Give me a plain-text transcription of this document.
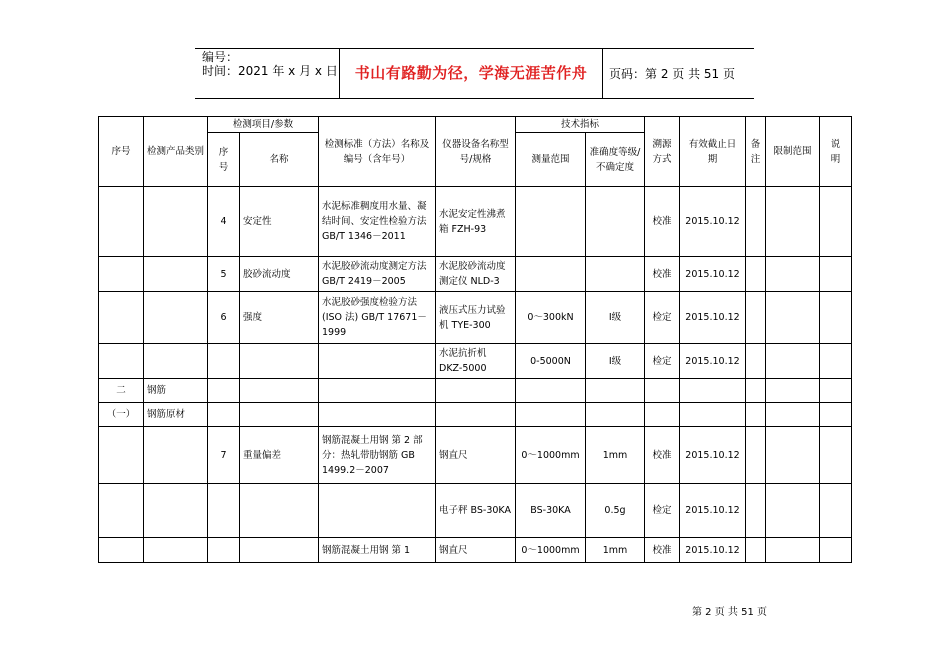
编号：
时间：2021 年 x 月 x 日	书山有路勤为径，学海无涯苦作舟	页码：第 2 页 共 51 页
序号	检测产品类别	检测项目/参数		检测标准（方法）名称及编号（含年号）	仪器设备名称型号/规格	技术指标		溯源方式	有效截止日期	备注	限制范围	说明

		序号	名称			测量范围	准确度等级/不确定度					

		4	安定性	水泥标准稠度用水量、凝结时间、安定性检验方法 GB/T 1346－2011	水泥安定性沸煮箱 FZH-93			校准	2015.10.12			
		5	胶砂流动度	水泥胶砂流动度测定方法 GB/T 2419－2005	水泥胶砂流动度测定仪 NLD-3			校准	2015.10.12			
		6	强度	水泥胶砂强度检验方法(ISO 法) GB/T 17671－1999	液压式压力试验机 TYE-300	0～300kN	Ⅰ级	检定	2015.10.12			
					水泥抗折机 DKZ-5000	0-5000N	Ⅰ级	检定	2015.10.12			
二	钢筋											
（一）	钢筋原材											
		7	重量偏差	钢筋混凝土用钢 第 2 部分：热轧带肋钢筋 GB 1499.2－2007	钢直尺	0～1000mm	1mm	校准	2015.10.12			
					电子秤 BS-30KA	BS-30KA	0.5g	检定	2015.10.12			
				钢筋混凝土用钢 第 1	钢直尺	0～1000mm	1mm	校准	2015.10.12			
第 2 页 共 51 页
